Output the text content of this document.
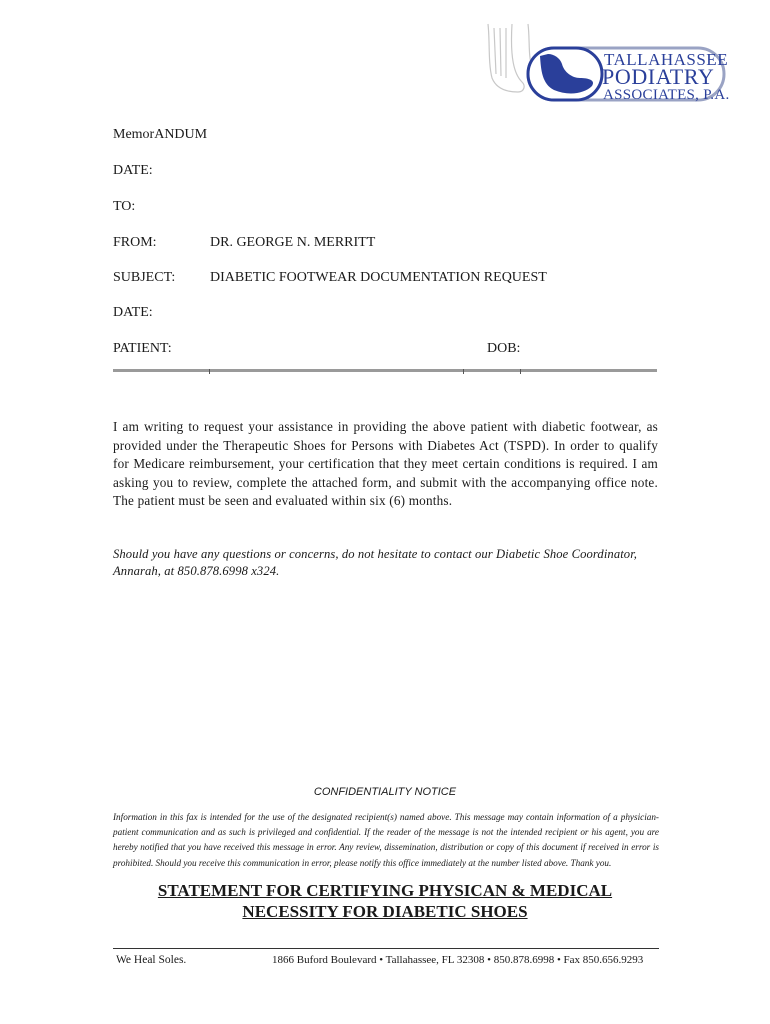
TALLAHASSEE
PODIATRY
ASSOCIATES, P.A.
MemorANDUM
DATE:
TO:
FROM:	DR. GEORGE N. MERRITT
SUBJECT: DIABETIC FOOTWEAR DOCUMENTATION REQUEST
DATE:
PATIENT:	DOB:
I am writing to request your assistance in providing the above patient with diabetic footwear, as provided under the Therapeutic Shoes for Persons with Diabetes Act (TSPD). In order to qualify for Medicare reimbursement, your certification that they meet certain conditions is required. I am asking you to review, complete the attached form, and submit with the accompanying office note. The patient must be seen and evaluated within six (6) months.
Should you have any questions or concerns, do not hesitate to contact our Diabetic Shoe Coordinator, Annarah, at 850.878.6998 x324.
CONFIDENTIALITY NOTICE
Information in this fax is intended for the use of the designated recipient(s) named above. This message may contain information of a physician-patient communication and as such is privileged and confidential. If the reader of the message is not the intended recipient or his agent, you are hereby notified that you have received this message in error. Any review, dissemination, distribution or copy of this document if received in error is prohibited. Should you receive this communication in error, please notify this office immediately at the number listed above. Thank you.
STATEMENT FOR CERTIFYING PHYSICAN & MEDICAL
NECESSITY FOR DIABETIC SHOES
We Heal Soles.	1866 Buford Boulevard • Tallahassee, FL 32308 • 850.878.6998 • Fax 850.656.9293
